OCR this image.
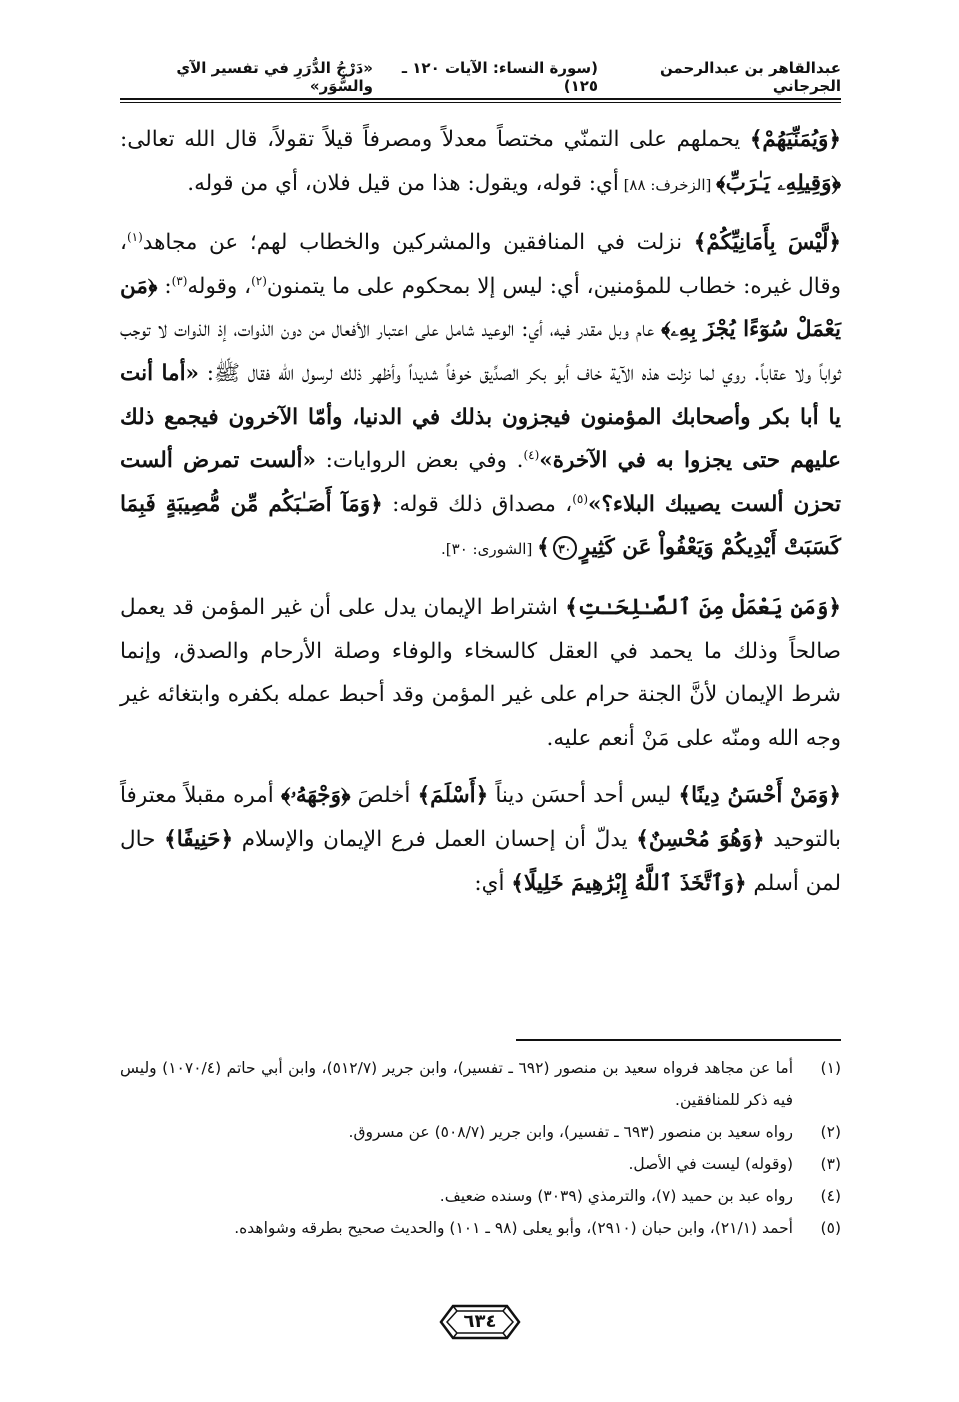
عبدالقاهر بن عبدالرحمن الجرجاني
(سورة النساء: الآيات ١٢٠ ـ ١٢٥)
«دَرْجُ الدُّرَرِ في تفسير الآي والسُّوَر»

﴿وَيُمَنِّيَهُمْ﴾ يحملهم على التمنّي مختصاً معدلاً ومصرفاً قيلاً تقولاً، قال الله تعالى: ﴿وَقِيلِهِۦ يَـٰرَبِّ﴾ [الزخرف: ٨٨] أي: قوله، ويقول: هذا من قيل فلان، أي من قوله.

﴿لَّيْسَ بِأَمَانِيِّكُمْ﴾ نزلت في المنافقين والمشركين والخطاب لهم؛ عن مجاهد$^{(١)}$، وقال غيره: خطاب للمؤمنين، أي: ليس إلا بمحكوم على ما يتمنون$^{(٢)}$، وقوله$^{(٣)}$: ﴿مَن يَعْمَلْ سُوٓءًا يُجْزَ بِهِۦ﴾ عام وبل مقدر فيه، أي: الوعيد شامل على اعتبار الأفعال من دون الذوات، إذ الذوات لا توجب ثواباً ولا عقاباً. روي لما نزلت هذه الآية خاف أبو بكر الصدِّيق خوفاً شديداً وأظهر ذلك لرسول الله فقال ﷺ: «أما أنت يا أبا بكر وأصحابك المؤمنون فيجزون بذلك في الدنيا، وأمّا الآخرون فيجمع ذلك عليهم حتى يجزوا به في الآخرة»$^{(٤)}$. وفي بعض الروايات: «ألست تمرض ألست تحزن ألست يصيبك البلاء؟»$^{(٥)}$، مصداق ذلك قوله: ﴿وَمَآ أَصَـٰبَكُم مِّن مُّصِيبَةٍ فَبِمَا كَسَبَتْ أَيْدِيكُمْ وَيَعْفُواْ عَن كَثِيرٍ٣٠﴾ [الشورى: ٣٠].

﴿وَمَن يَعْمَلْ مِنَ ٱلصَّـٰلِحَـٰتِ﴾ اشتراط الإيمان يدل على أن غير المؤمن قد يعمل صالحاً وذلك ما يحمد في العقل كالسخاء والوفاء وصلة الأرحام والصدق، وإنما شرط الإيمان لأنَّ الجنة حرام على غير المؤمن وقد أحبط عمله بكفره وابتغائه غير وجه الله ومنّه على مَنْ أنعم عليه.

﴿وَمَنْ أَحْسَنُ دِينًا﴾ ليس أحد أحسَن ديناً ﴿أَسْلَمَ﴾ أخلصَ ﴿وَجْهَهُۥ﴾ أمره مقبلاً معترفاً بالتوحيد ﴿وَهُوَ مُحْسِنٌ﴾ يدلّ أن إحسان العمل فرع الإيمان والإسلام ﴿حَنِيفًا﴾ حال لمن أسلم ﴿وَٱتَّخَذَ ٱللَّهُ إِبْرَٰهِيمَ خَلِيلًا﴾ أي:

(١)
أما عن مجاهد فرواه سعيد بن منصور (٦٩٢ ـ تفسير)، وابن جرير (٥١٢/٧)، وابن أبي حاتم (١٠٧٠/٤) وليس فيه ذكر للمنافقين.
(٢)
رواه سعيد بن منصور (٦٩٣ ـ تفسير)، وابن جرير (٥٠٨/٧) عن مسروق.
(٣)
(وقوله) ليست في الأصل.
(٤)
رواه عبد بن حميد (٧)، والترمذي (٣٠٣٩) وسنده ضعيف.
(٥)
أحمد (٢١/١)، وابن حبان (٢٩١٠)، وأبو يعلى (٩٨ ـ ١٠١) والحديث صحيح بطرقه وشواهده.
٦٣٤
